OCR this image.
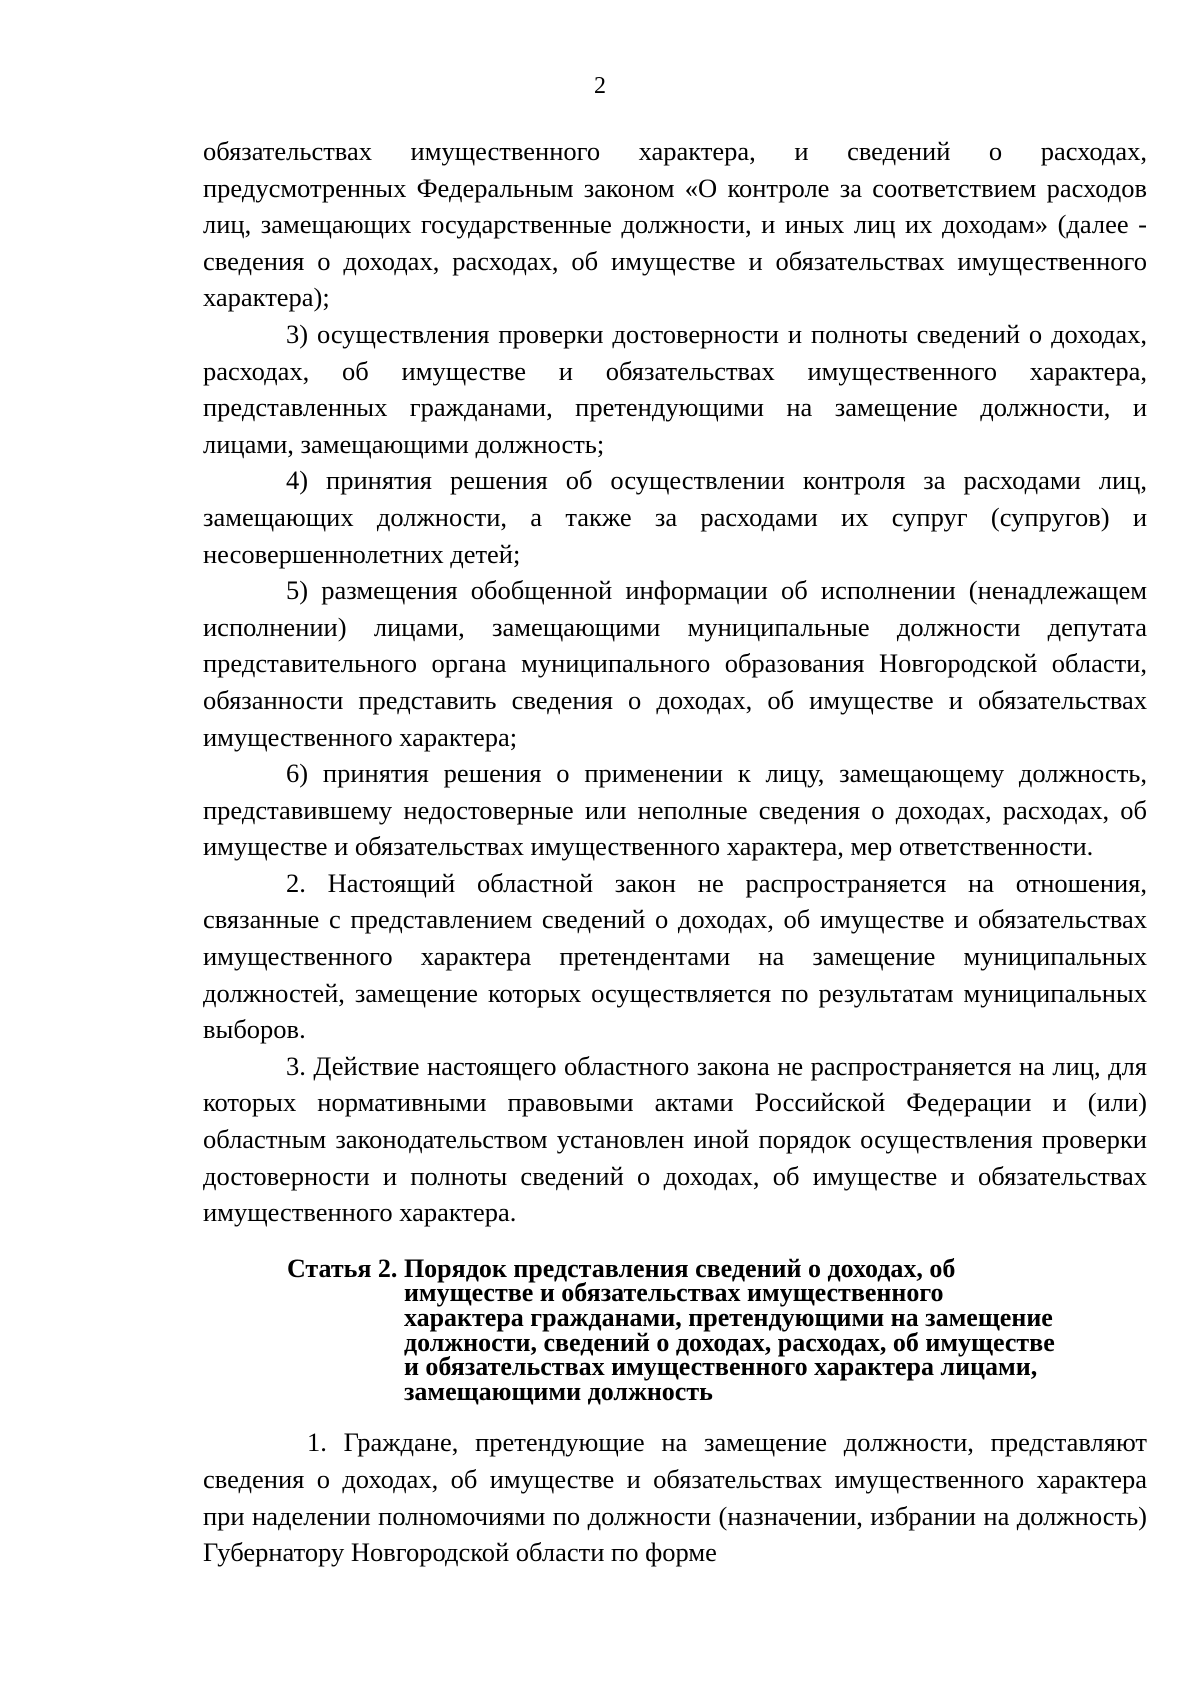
2

обязательствах имущественного характера, и сведений о расходах, предусмотренных Федеральным законом «О контроле за соответствием расходов лиц, замещающих государственные должности, и иных лиц их доходам» (далее - сведения о доходах, расходах, об имуществе и обязательствах имущественного характера);

3) осуществления проверки достоверности и полноты сведений о доходах, расходах, об имуществе и обязательствах имущественного характера, представленных гражданами, претендующими на замещение должности, и лицами, замещающими должность;

4) принятия решения об осуществлении контроля за расходами лиц, замещающих должности, а также за расходами их супруг (супругов) и несовершеннолетних детей;

5) размещения обобщенной информации об исполнении (ненадлежащем исполнении) лицами, замещающими муниципальные должности депутата представительного органа муниципального образования Новгородской области, обязанности представить сведения о доходах, об имуществе и обязательствах имущественного характера;

6) принятия решения о применении к лицу, замещающему должность, представившему недостоверные или неполные сведения о доходах, расходах, об имуществе и обязательствах имущественного характера, мер ответственности.

2. Настоящий областной закон не распространяется на отношения, связанные с представлением сведений о доходах, об имуществе и обязательствах имущественного характера претендентами на замещение муниципальных должностей, замещение которых осуществляется по результатам муниципальных выборов.

3. Действие настоящего областного закона не распространяется на лиц, для которых нормативными правовыми актами Российской Федерации и (или) областным законодательством установлен иной порядок осуществления проверки достоверности и полноты сведений о доходах, об имуществе и обязательствах имущественного характера.

Статья 2. Порядок представления сведений о доходах, об имуществе и обязательствах имущественного характера гражданами, претендующими на замещение должности, сведений о доходах, расходах, об имуществе и обязательствах имущественного характера лицами, замещающими должность

1. Граждане, претендующие на замещение должности, представляют сведения о доходах, об имуществе и обязательствах имущественного характера при наделении полномочиями по должности (назначении, избрании на должность) Губернатору Новгородской области по форме
